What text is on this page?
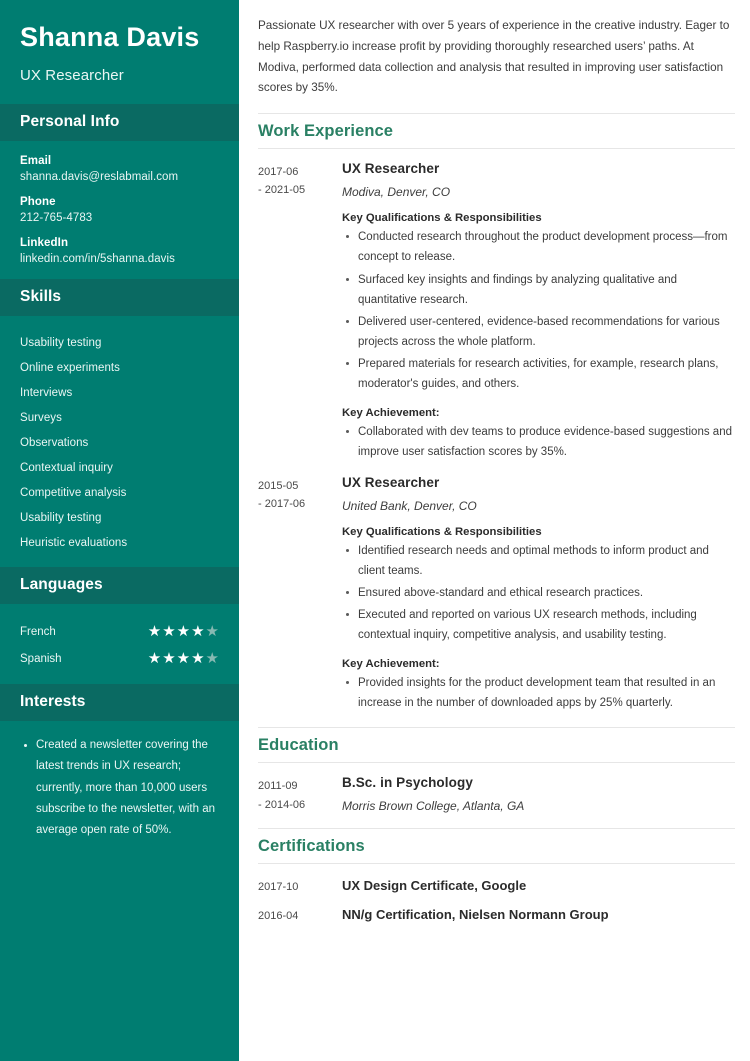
Shanna Davis
UX Researcher
Personal Info
Email
shanna.davis@reslabmail.com
Phone
212-765-4783
LinkedIn
linkedin.com/in/5shanna.davis
Skills
Usability testing
Online experiments
Interviews
Surveys
Observations
Contextual inquiry
Competitive analysis
Usability testing
Heuristic evaluations
Languages
French	★ ★ ★ ★ ★
Spanish	★ ★ ★ ★ ★
Interests
Created a newsletter covering the latest trends in UX research; currently, more than 10,000 users subscribe to the newsletter, with an average open rate of 50%.

Passionate UX researcher with over 5 years of experience in the creative industry. Eager to help Raspberry.io increase profit by providing thoroughly researched users’ paths. At Modiva, performed data collection and analysis that resulted in improving user satisfaction scores by 35%.

Work Experience
2017-06
- 2021-05
UX Researcher
Modiva, Denver, CO
Key Qualifications & Responsibilities
Conducted research throughout the product development process—from concept to release.
Surfaced key insights and findings by analyzing qualitative and quantitative research.
Delivered user-centered, evidence-based recommendations for various projects across the whole platform.
Prepared materials for research activities, for example, research plans, moderator's guides, and others.
Key Achievement:
Collaborated with dev teams to produce evidence-based suggestions and improve user satisfaction scores by 35%.
2015-05
- 2017-06
UX Researcher
United Bank, Denver, CO
Key Qualifications & Responsibilities
Identified research needs and optimal methods to inform product and client teams.
Ensured above-standard and ethical research practices.
Executed and reported on various UX research methods, including contextual inquiry, competitive analysis, and usability testing.
Key Achievement:
Provided insights for the product development team that resulted in an increase in the number of downloaded apps by 25% quarterly.
Education
2011-09
- 2014-06
B.Sc. in Psychology
Morris Brown College, Atlanta, GA
Certifications
2017-10	UX Design Certificate, Google
2016-04	NN/g Certification, Nielsen Normann Group
